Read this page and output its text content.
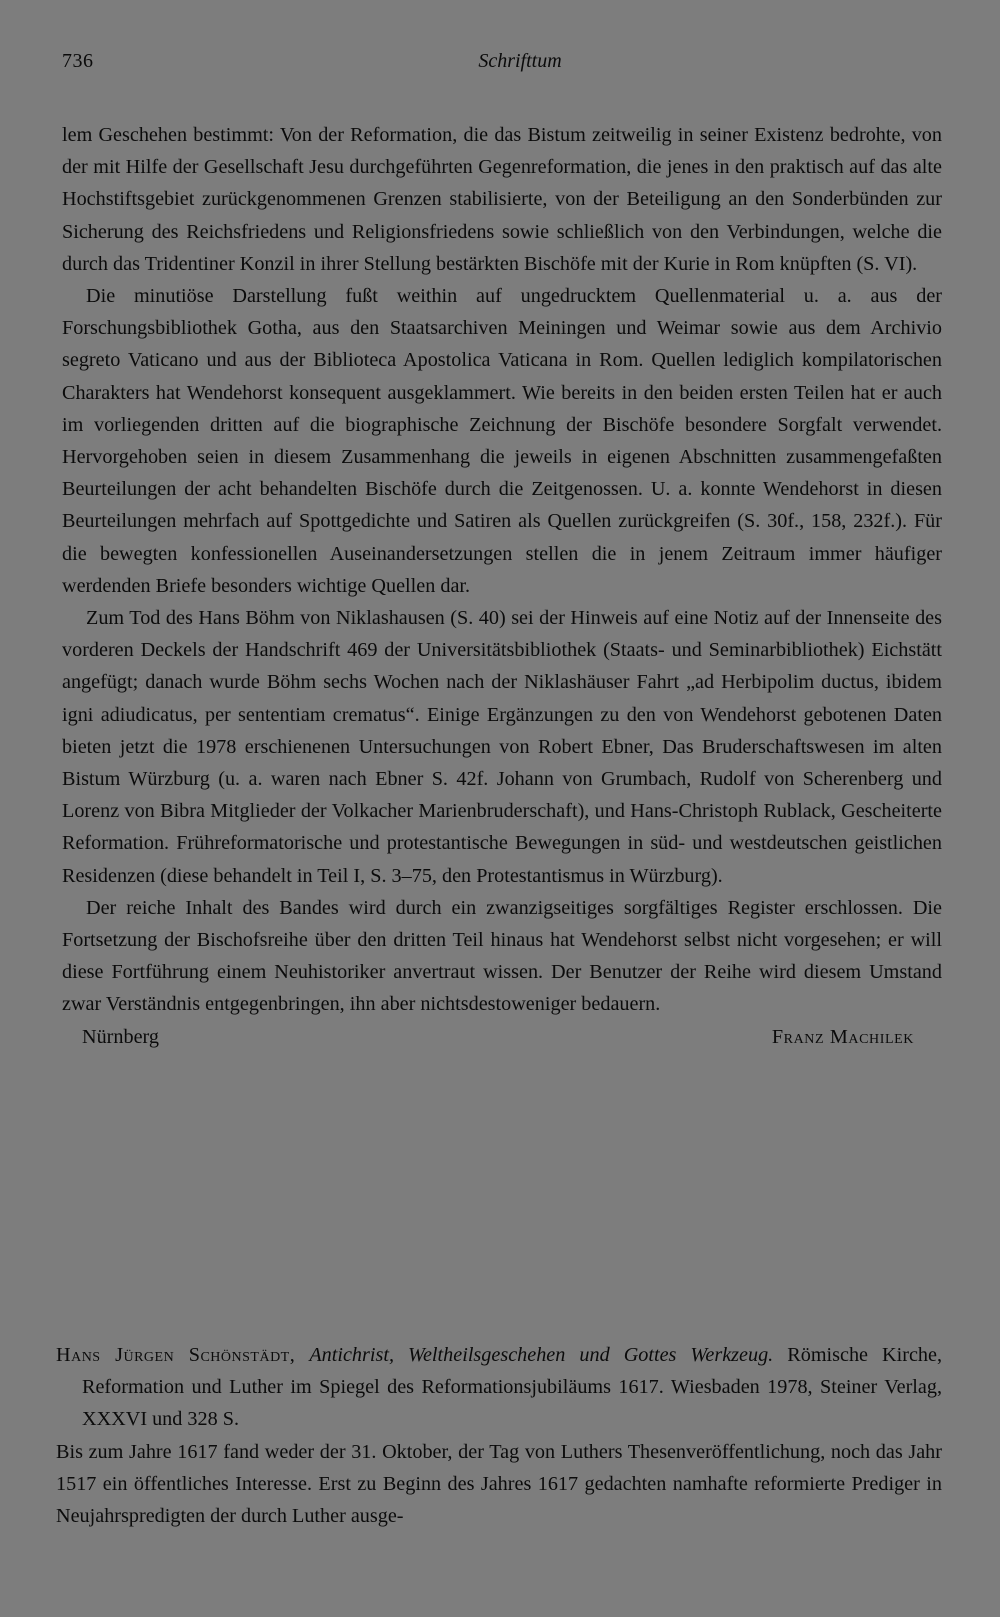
736	Schrifttum

lem Geschehen bestimmt: Von der Reformation, die das Bistum zeitweilig in seiner Existenz bedrohte, von der mit Hilfe der Gesellschaft Jesu durchgeführten Gegenreformation, die jenes in den praktisch auf das alte Hochstiftsgebiet zurückgenommenen Grenzen stabilisierte, von der Beteiligung an den Sonderbünden zur Sicherung des Reichsfriedens und Religionsfriedens sowie schließlich von den Verbindungen, welche die durch das Tridentiner Konzil in ihrer Stellung bestärkten Bischöfe mit der Kurie in Rom knüpften (S. VI).

Die minutiöse Darstellung fußt weithin auf ungedrucktem Quellenmaterial u. a. aus der Forschungsbibliothek Gotha, aus den Staatsarchiven Meiningen und Weimar sowie aus dem Archivio segreto Vaticano und aus der Biblioteca Apostolica Vaticana in Rom. Quellen lediglich kompilatorischen Charakters hat Wendehorst konsequent ausgeklammert. Wie bereits in den beiden ersten Teilen hat er auch im vorliegenden dritten auf die biographische Zeichnung der Bischöfe besondere Sorgfalt verwendet. Hervorgehoben seien in diesem Zusammenhang die jeweils in eigenen Abschnitten zusammengefaßten Beurteilungen der acht behandelten Bischöfe durch die Zeitgenossen. U. a. konnte Wendehorst in diesen Beurteilungen mehrfach auf Spottgedichte und Satiren als Quellen zurückgreifen (S. 30f., 158, 232f.). Für die bewegten konfessionellen Auseinandersetzungen stellen die in jenem Zeitraum immer häufiger werdenden Briefe besonders wichtige Quellen dar.

Zum Tod des Hans Böhm von Niklashausen (S. 40) sei der Hinweis auf eine Notiz auf der Innenseite des vorderen Deckels der Handschrift 469 der Universitätsbibliothek (Staats- und Seminarbibliothek) Eichstätt angefügt; danach wurde Böhm sechs Wochen nach der Niklashäuser Fahrt „ad Herbipolim ductus, ibidem igni adiudicatus, per sententiam crematus“. Einige Ergänzungen zu den von Wendehorst gebotenen Daten bieten jetzt die 1978 erschienenen Untersuchungen von Robert Ebner, Das Bruderschaftswesen im alten Bistum Würzburg (u. a. waren nach Ebner S. 42f. Johann von Grumbach, Rudolf von Scherenberg und Lorenz von Bibra Mitglieder der Volkacher Marienbruderschaft), und Hans-Christoph Rublack, Gescheiterte Reformation. Frühreformatorische und protestantische Bewegungen in süd- und westdeutschen geistlichen Residenzen (diese behandelt in Teil I, S. 3–75, den Protestantismus in Würzburg).

Der reiche Inhalt des Bandes wird durch ein zwanzigseitiges sorgfältiges Register erschlossen. Die Fortsetzung der Bischofsreihe über den dritten Teil hinaus hat Wendehorst selbst nicht vorgesehen; er will diese Fortführung einem Neuhistoriker anvertraut wissen. Der Benutzer der Reihe wird diesem Umstand zwar Verständnis entgegenbringen, ihn aber nichtsdestoweniger bedauern.

Nürnberg	Franz Machilek

Hans Jürgen Schönstädt, Antichrist, Weltheilsgeschehen und Gottes Werkzeug. Römische Kirche, Reformation und Luther im Spiegel des Reformationsjubiläums 1617. Wiesbaden 1978, Steiner Verlag, XXXVI und 328 S.

Bis zum Jahre 1617 fand weder der 31. Oktober, der Tag von Luthers Thesenveröffentlichung, noch das Jahr 1517 ein öffentliches Interesse. Erst zu Beginn des Jahres 1617 gedachten namhafte reformierte Prediger in Neujahrspredigten der durch Luther ausge-
